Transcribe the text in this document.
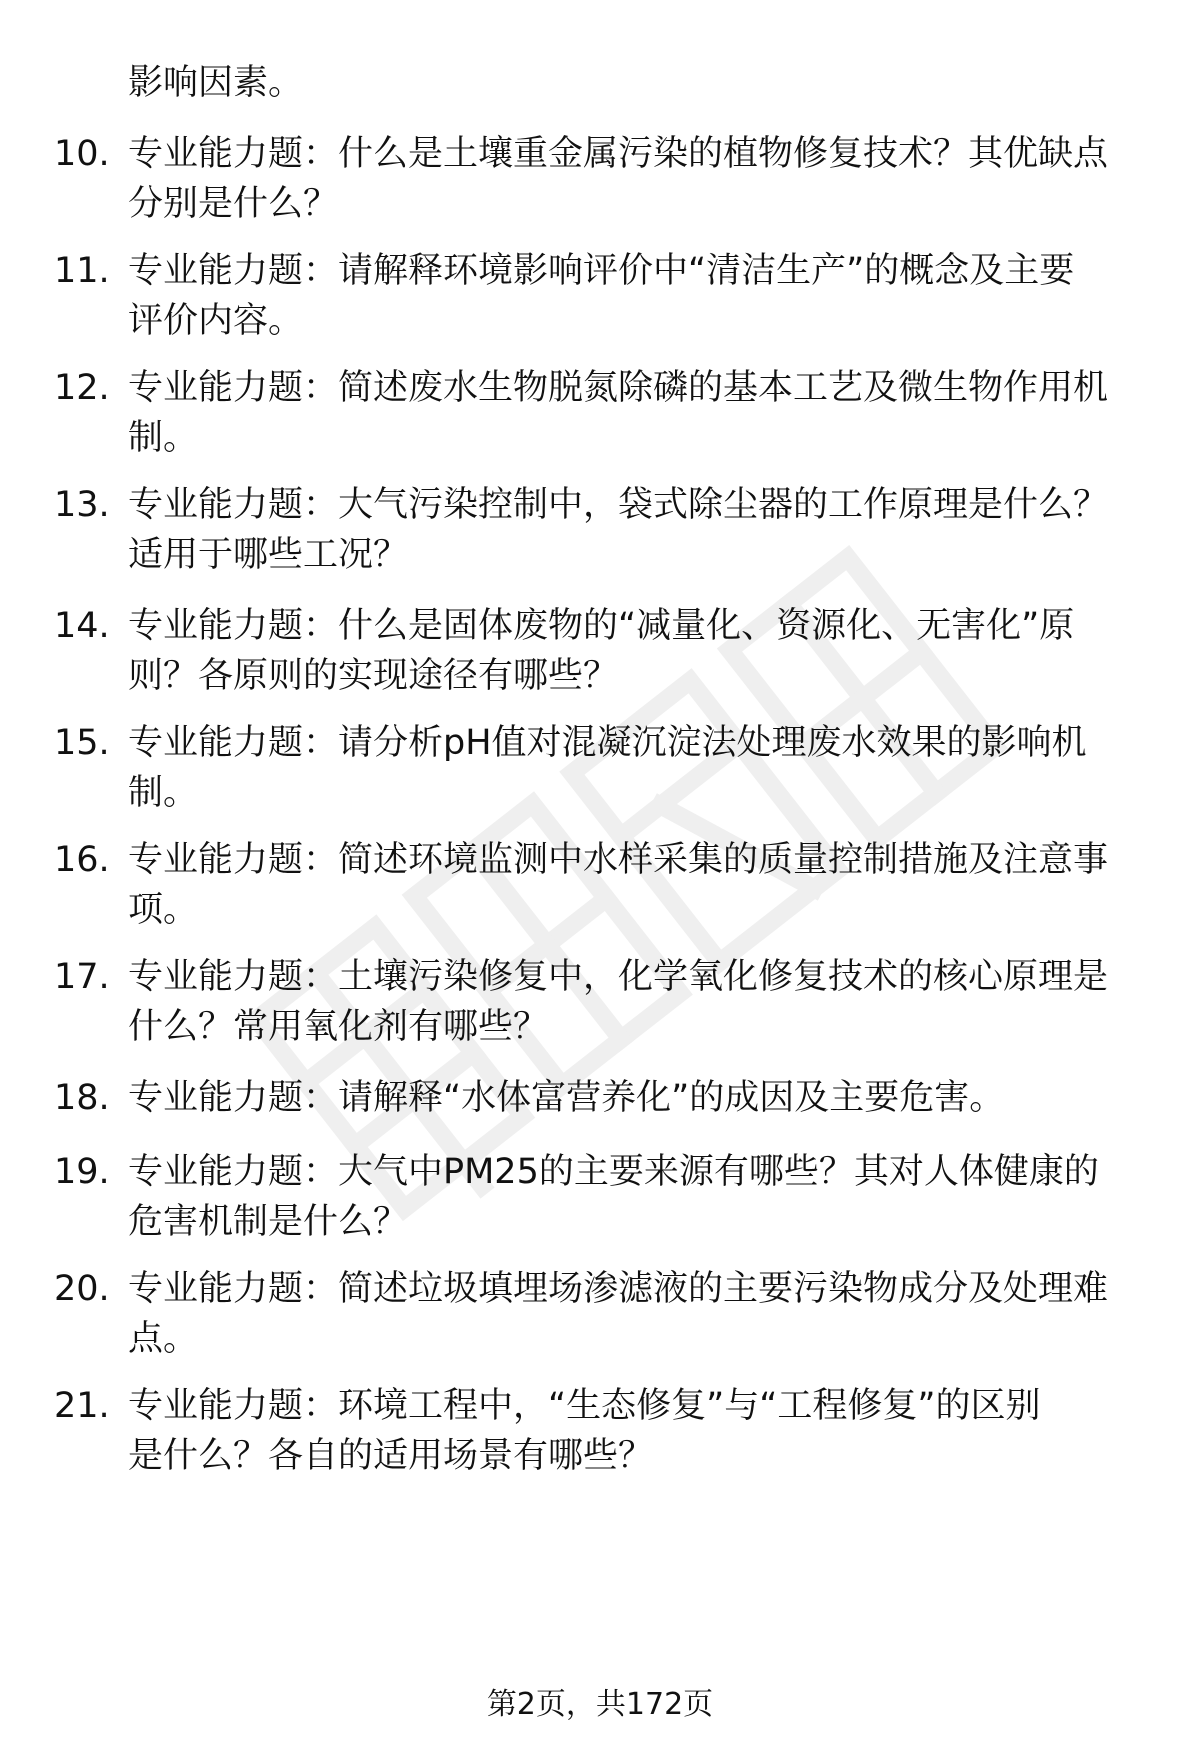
影响因素。
10. 专业能力题：什么是土壤重金属污染的植物修复技术？其优缺点
分别是什么？
11. 专业能力题：请解释环境影响评价中“清洁生产”的概念及主要
评价内容。
12. 专业能力题：简述废水生物脱氮除磷的基本工艺及微生物作用机
制。
13. 专业能力题：大气污染控制中，袋式除尘器的工作原理是什么？
适用于哪些工况？
14. 专业能力题：什么是固体废物的“减量化、资源化、无害化”原
则？各原则的实现途径有哪些？
15. 专业能力题：请分析pH值对混凝沉淀法处理废水效果的影响机
制。
16. 专业能力题：简述环境监测中水样采集的质量控制措施及注意事
项。
17. 专业能力题：土壤污染修复中，化学氧化修复技术的核心原理是
什么？常用氧化剂有哪些？
18. 专业能力题：请解释“水体富营养化”的成因及主要危害。
19. 专业能力题：大气中PM25的主要来源有哪些？其对人体健康的
危害机制是什么？
20. 专业能力题：简述垃圾填埋场渗滤液的主要污染物成分及处理难
点。
21. 专业能力题：环境工程中，“生态修复”与“工程修复”的区别
是什么？各自的适用场景有哪些？
第2页，共172页
